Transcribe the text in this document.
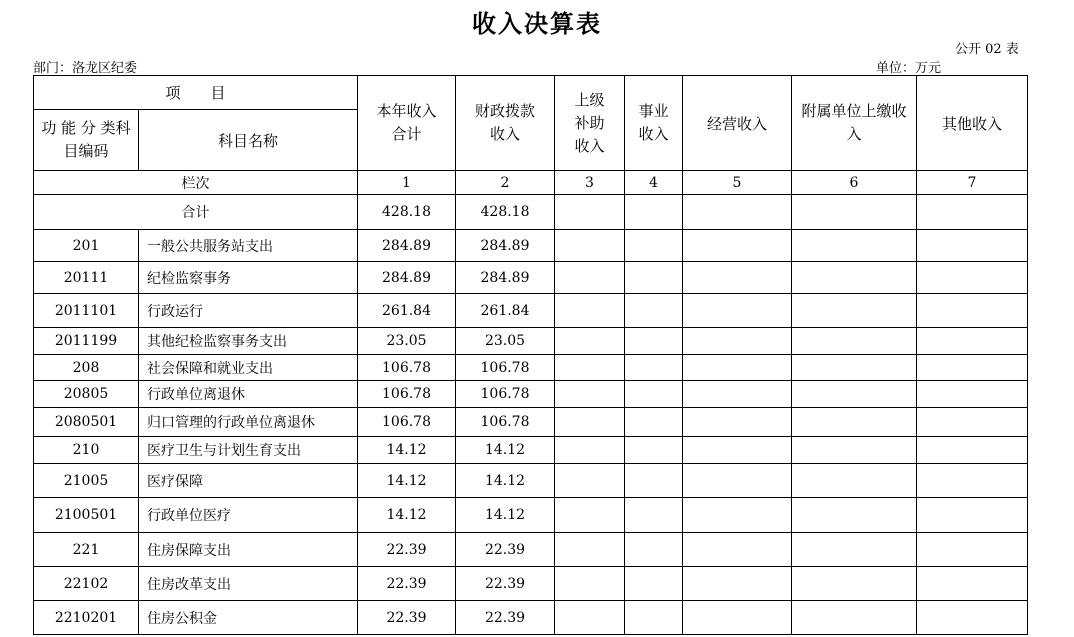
收入决算表
公开 02 表
部门：洛龙区纪委	单位：万元
项　　目		本年收入合计	财政拨款收入	上级补助收入	事业收入	经营收入	附属单位上缴收入	其他收入
功 能 分 类科目编码	科目名称							
栏次		1	2	3	4	5	6	7
合计		428.18	428.18					
201	一般公共服务站支出	284.89	284.89					
20111	纪检监察事务	284.89	284.89					
2011101	行政运行	261.84	261.84					
2011199	其他纪检监察事务支出	23.05	23.05					
208	社会保障和就业支出	106.78	106.78					
20805	行政单位离退休	106.78	106.78					
2080501	归口管理的行政单位离退休	106.78	106.78					
210	医疗卫生与计划生育支出	14.12	14.12					
21005	医疗保障	14.12	14.12					
2100501	行政单位医疗	14.12	14.12					
221	住房保障支出	22.39	22.39					
22102	住房改革支出	22.39	22.39					
2210201	住房公积金	22.39	22.39					
